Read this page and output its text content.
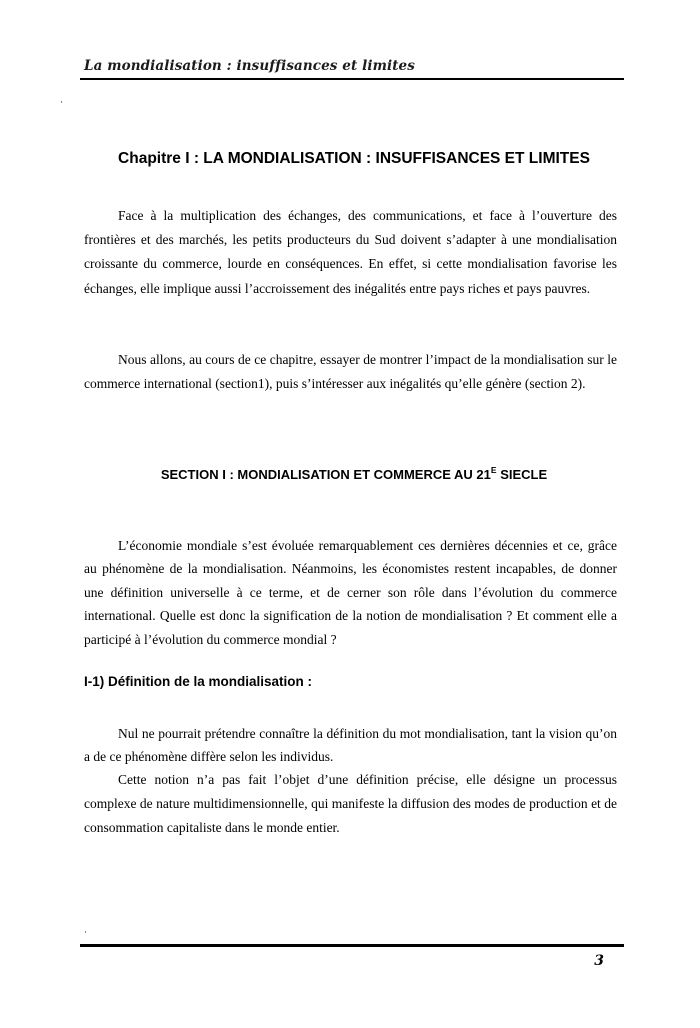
La mondialisation : insuffisances et limites
·
Chapitre I : LA MONDIALISATION : INSUFFISANCES ET LIMITES

Face à la multiplication des échanges, des communications, et face à l’ouverture des frontières et des marchés, les petits producteurs du Sud doivent s’adapter à une mondialisation croissante du commerce, lourde en conséquences. En effet, si cette mondialisation favorise les échanges, elle implique aussi l’accroissement des inégalités entre pays riches et pays pauvres.

Nous allons, au cours de ce chapitre, essayer de montrer l’impact de la mondialisation sur le commerce international (section1), puis s’intéresser aux inégalités qu’elle génère (section 2).

SECTION I : MONDIALISATION ET COMMERCE AU $21^E$ SIECLE

L’économie mondiale s’est évoluée remarquablement ces dernières décennies et ce, grâce au phénomène de la mondialisation. Néanmoins, les économistes restent incapables, de donner une définition universelle à ce terme, et de cerner son rôle dans l’évolution du commerce international. Quelle est donc la signification de la notion de mondialisation ? Et comment elle a participé à l’évolution du commerce mondial ?

I-1) Définition de la mondialisation :

Nul ne pourrait prétendre connaître la définition du mot mondialisation, tant la vision qu’on a de ce phénomène diffère selon les individus.

Cette notion n’a pas fait l’objet d’une définition précise, elle désigne un processus complexe de nature multidimensionnelle, qui manifeste la diffusion des modes de production et de consommation capitaliste dans le monde entier.

·
3
